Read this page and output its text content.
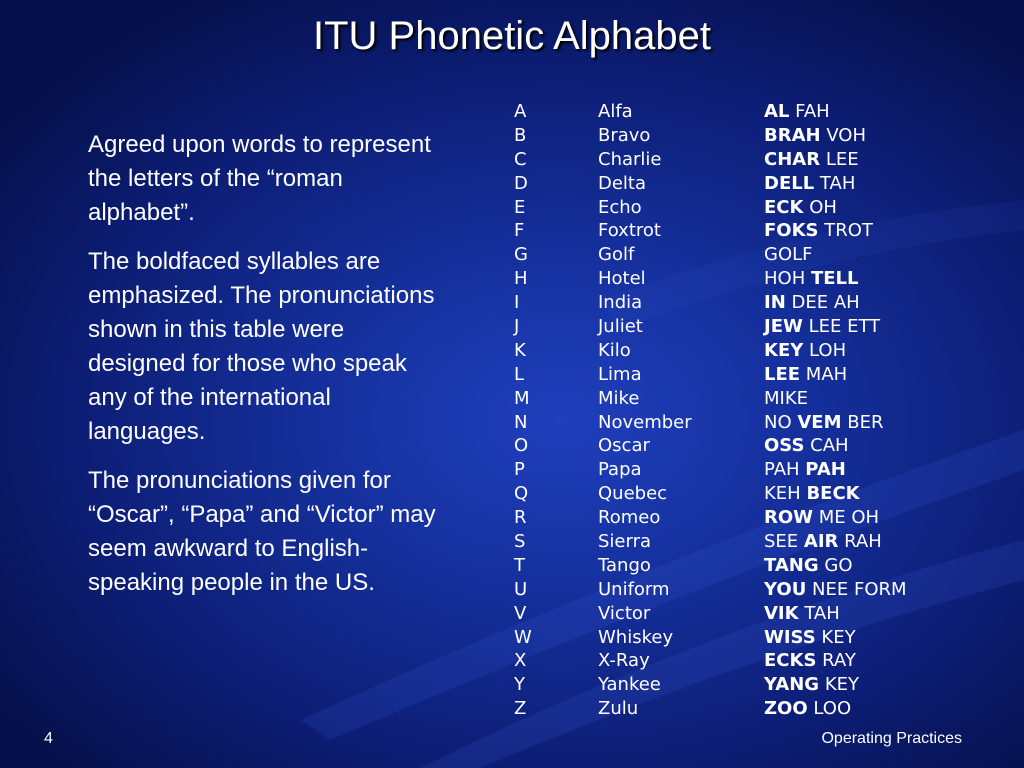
ITU Phonetic Alphabet

Agreed upon words to represent the letters of the “roman alphabet”.

The boldfaced syllables are emphasized. The pronunciations shown in this table were designed for those who speak any of the international languages.

The pronunciations given for “Oscar”, “Papa” and “Victor” may seem awkward to English-speaking people in the US.

A	Alfa	AL FAH
B	Bravo	BRAH VOH
C	Charlie	CHAR LEE
D	Delta	DELL TAH
E	Echo	ECK OH
F	Foxtrot	FOKS TROT
G	Golf	GOLF
H	Hotel	HOH TELL
I	India	IN DEE AH
J	Juliet	JEW LEE ETT
K	Kilo	KEY LOH
L	Lima	LEE MAH
M	Mike	MIKE
N	November	NO VEM BER
O	Oscar	OSS CAH
P	Papa	PAH PAH
Q	Quebec	KEH BECK
R	Romeo	ROW ME OH
S	Sierra	SEE AIR RAH
T	Tango	TANG GO
U	Uniform	YOU NEE FORM
V	Victor	VIK TAH
W	Whiskey	WISS KEY
X	X-Ray	ECKS RAY
Y	Yankee	YANG KEY
Z	Zulu	ZOO LOO
4	Operating Practices
